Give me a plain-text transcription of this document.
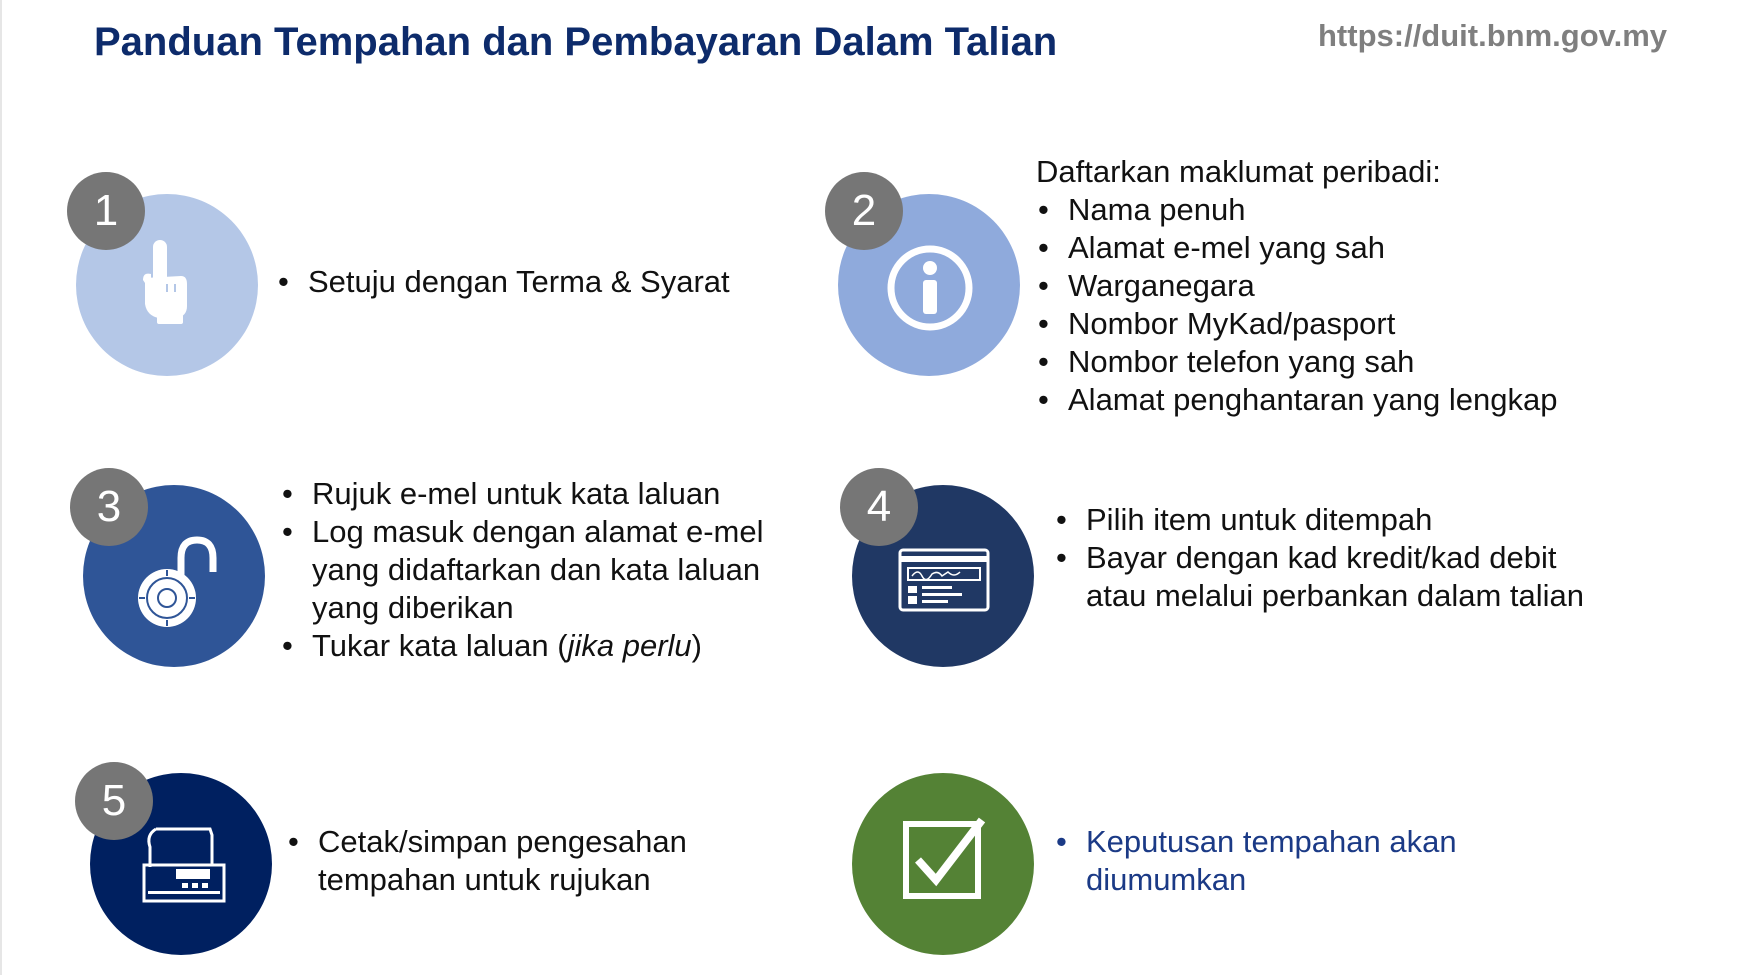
Panduan Tempahan dan Pembayaran Dalam Talian	https://duit.bnm.gov.my
1
• Setuju dengan Terma & Syarat
2
Daftarkan maklumat peribadi:
• Nama penuh
• Alamat e-mel yang sah
• Warganegara
• Nombor MyKad/pasport
• Nombor telefon yang sah
• Alamat penghantaran yang lengkap
3	• Rujuk e-mel untuk kata laluan
• Log masuk dengan alamat e-mel yang didaftarkan dan kata laluan yang diberikan
• Tukar kata laluan (jika perlu)
4	• Pilih item untuk ditempah
• Bayar dengan kad kredit/kad debit atau melalui perbankan dalam talian
5
• Cetak/simpan pengesahan tempahan untuk rujukan
• Keputusan tempahan akan diumumkan
